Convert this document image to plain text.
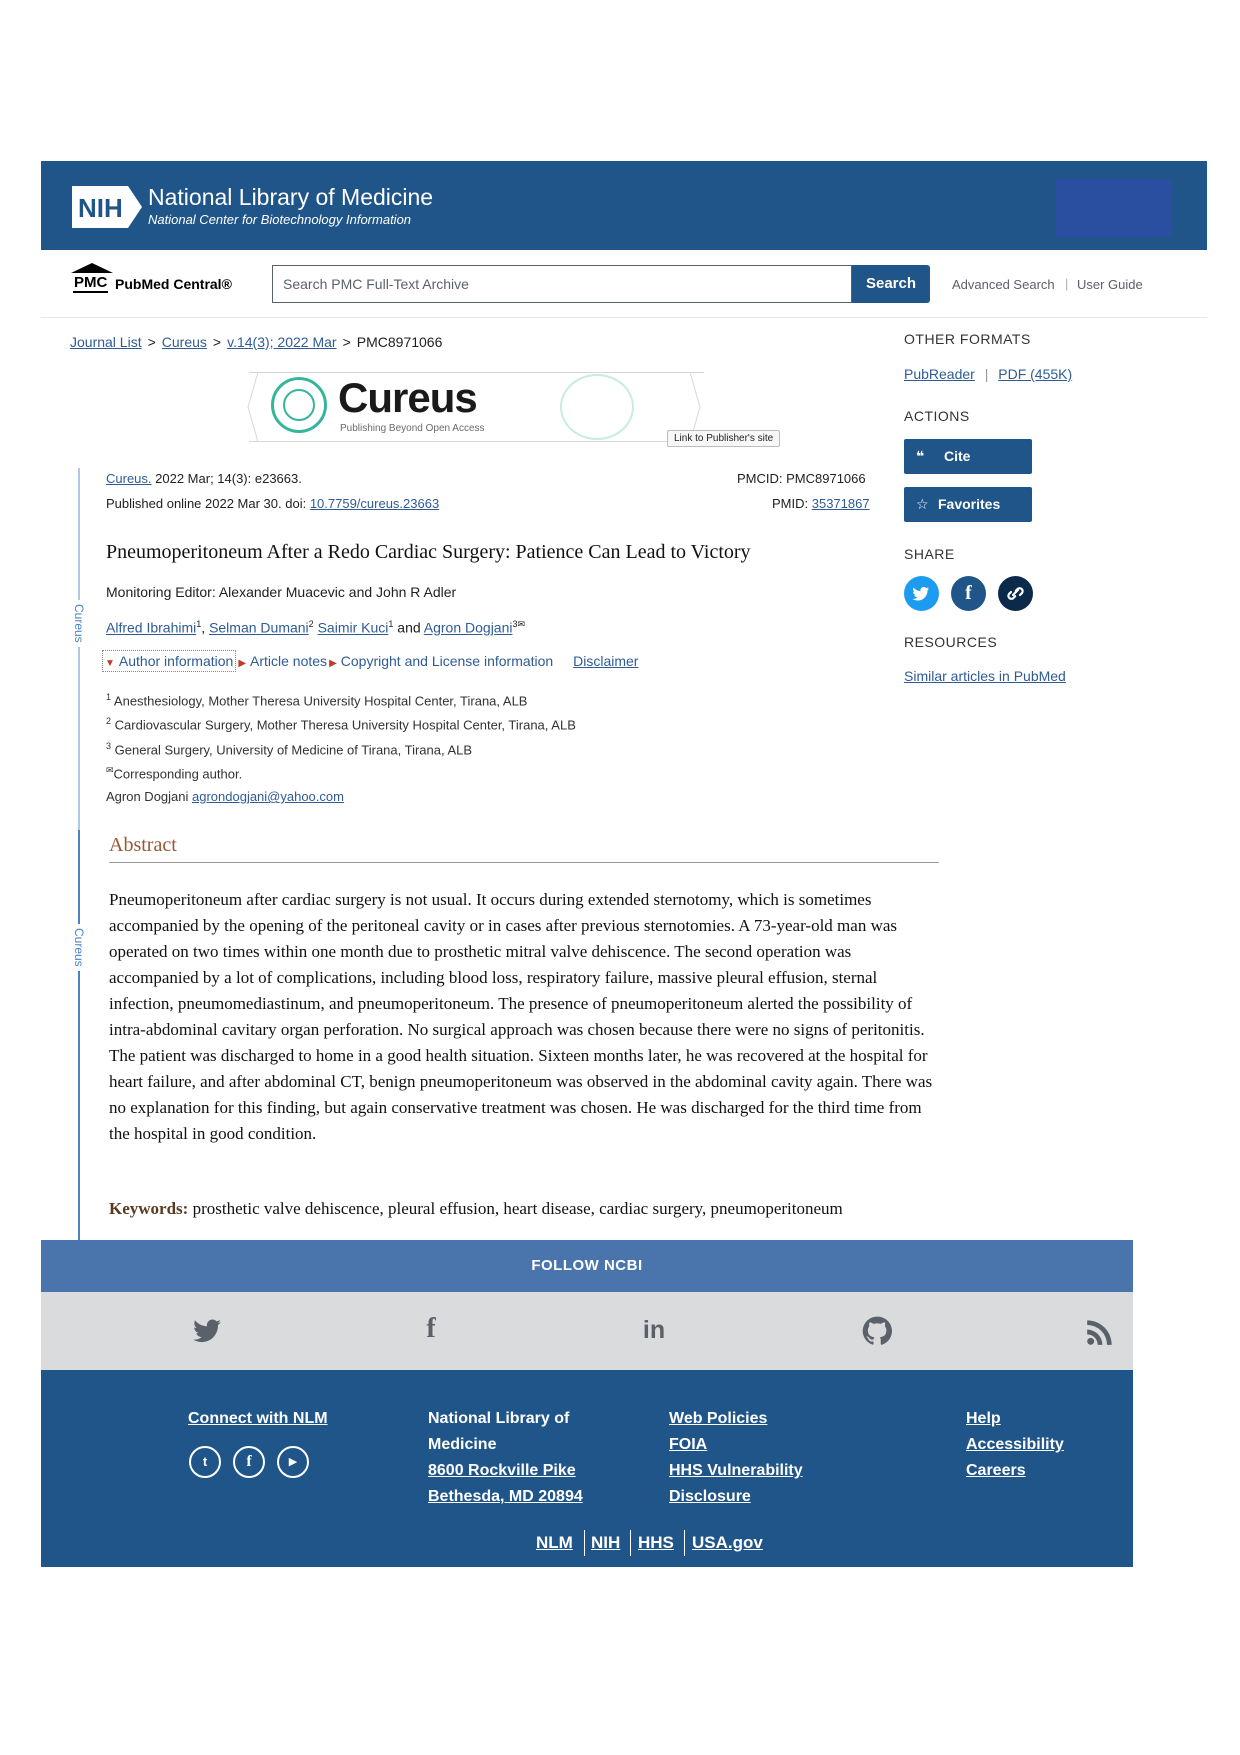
NIH National Library of Medicine
National Center for Biotechnology Information
PMC PubMed Central®	Search PMC Full-Text Archive	Search	Advanced Search | User Guide
Journal List > Cureus > v.14(3); 2022 Mar > PMC8971066
Cureus
Publishing Beyond Open Access
Link to Publisher's site
Cureus
Cureus
Cureus. 2022 Mar; 14(3): e23663.
Published online 2022 Mar 30. doi: 10.7759/cureus.23663
PMCID: PMC8971066
PMID: 35371867
Pneumoperitoneum After a Redo Cardiac Surgery: Patience Can Lead to Victory
Monitoring Editor: Alexander Muacevic and John R Adler
Alfred Ibrahimi$^1$, Selman Dumani$^2$ Saimir Kuci$^1$ and Agron Dogjani$^{3✉}$
▼ Author information ▶ Article notes ▶ Copyright and License information Disclaimer
$^1$ Anesthesiology, Mother Theresa University Hospital Center, Tirana, ALB
$^2$ Cardiovascular Surgery, Mother Theresa University Hospital Center, Tirana, ALB
$^3$ General Surgery, University of Medicine of Tirana, Tirana, ALB
✉Corresponding author.
Agron Dogjani agrondogjani@yahoo.com
Abstract
Pneumoperitoneum after cardiac surgery is not usual. It occurs during extended sternotomy, which is sometimes accompanied by the opening of the peritoneal cavity or in cases after previous sternotomies. A 73-year-old man was operated on two times within one month due to prosthetic mitral valve dehiscence. The second operation was accompanied by a lot of complications, including blood loss, respiratory failure, massive pleural effusion, sternal infection, pneumomediastinum, and pneumoperitoneum. The presence of pneumoperitoneum alerted the possibility of intra-abdominal cavitary organ perforation. No surgical approach was chosen because there were no signs of peritonitis. The patient was discharged to home in a good health situation. Sixteen months later, he was recovered at the hospital for heart failure, and after abdominal CT, benign pneumoperitoneum was observed in the abdominal cavity again. There was no explanation for this finding, but again conservative treatment was chosen. He was discharged for the third time from the hospital in good condition.
Keywords: prosthetic valve dehiscence, pleural effusion, heart disease, cardiac surgery, pneumoperitoneum
OTHER FORMATS
PubReader | PDF (455K)
ACTIONS
❝ Cite
☆ Favorites
SHARE
f
RESOURCES
Similar articles in PubMed
FOLLOW NCBI
f	in
Connect with NLM
t	f	▶
National Library of
Medicine
8600 Rockville Pike
Bethesda, MD 20894
Web Policies
FOIA
HHS Vulnerability
Disclosure
Help
Accessibility
Careers
NLM NIH HHS USA.gov
